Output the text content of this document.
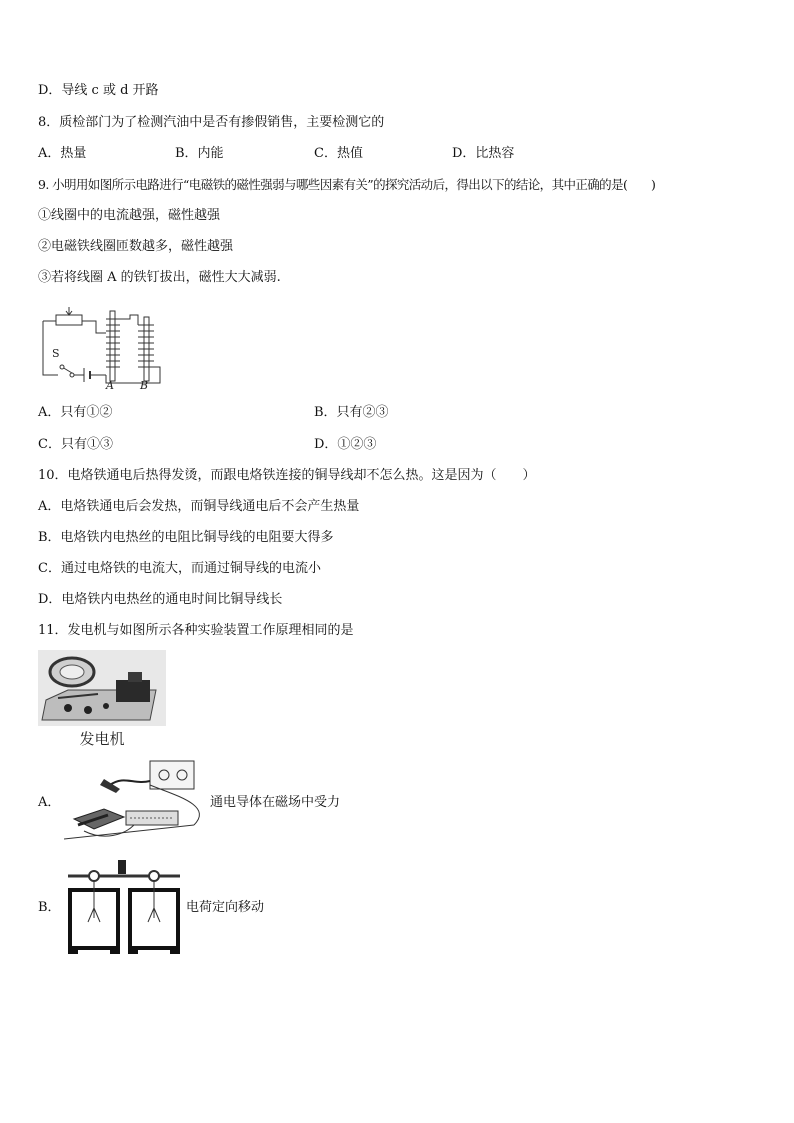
D．导线 c 或 d 开路
8．质检部门为了检测汽油中是否有掺假销售，主要检测它的
A．热量	B．内能	C．热值	D．比热容
9. 小明用如图所示电路进行“电磁铁的磁性强弱与哪些因素有关”的探究活动后，得出以下的结论，其中正确的是(　　)
①线圈中的电流越强，磁性越强
②电磁铁线圈匝数越多，磁性越强
③若将线圈 A 的铁钉拔出，磁性大大减弱.
S
A B
A．只有①②	B．只有②③
C．只有①③	D．①②③
10．电烙铁通电后热得发烫，而跟电烙铁连接的铜导线却不怎么热。这是因为（　　）
A．电烙铁通电后会发热，而铜导线通电后不会产生热量
B．电烙铁内电热丝的电阻比铜导线的电阻要大得多
C．通过电烙铁的电流大，而通过铜导线的电流小
D．电烙铁内电热丝的通电时间比铜导线长
11．发电机与如图所示各种实验装置工作原理相同的是
发电机
A．	通电导体在磁场中受力
B．	电荷定向移动
